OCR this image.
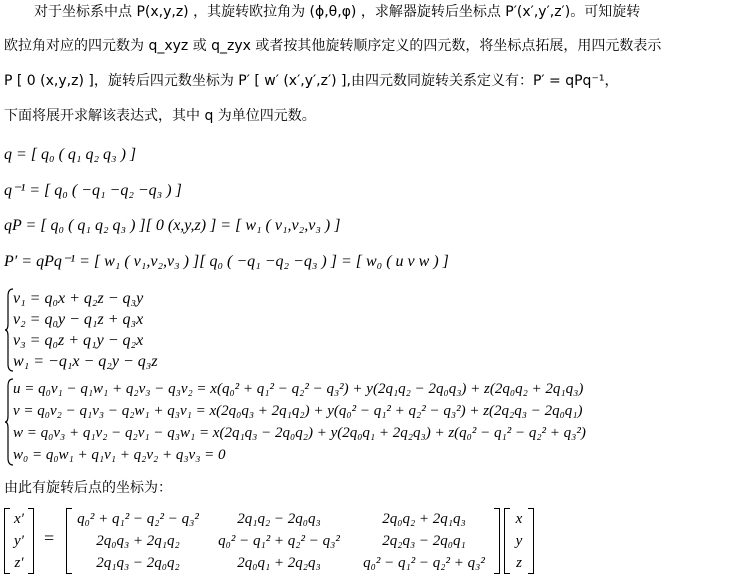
对于坐标系中点 P(x,y,z) ，其旋转欧拉角为 (ϕ,θ,φ) ，求解器旋转后坐标点 P′(x′,y′,z′)。可知旋转
欧拉角对应的四元数为 q_xyz 或 q_zyx 或者按其他旋转顺序定义的四元数，将坐标点拓展，用四元数表示
P [ 0 (x,y,z) ]，旋转后四元数坐标为 P′ [ w′ (x′,y′,z′) ],由四元数同旋转关系定义有：P′ = qPq⁻¹，
下面将展开求解该表达式，其中 q 为单位四元数。
q = [ q₀ ( q₁ q₂ q₃ ) ]
q⁻¹ = [ q₀ ( −q₁ −q₂ −q₃ ) ]
qP = [ q₀ ( q₁ q₂ q₃ ) ][ 0 (x,y,z) ] = [ w₁ ( v₁,v₂,v₃ ) ]
P′ = qPq⁻¹ = [ w₁ ( v₁,v₂,v₃ ) ][ q₀ ( −q₁ −q₂ −q₃ ) ] = [ w₀ ( u v w ) ]
v₁ = q₀x + q₂z − q₃y
v₂ = q₀y − q₁z + q₃x
v₃ = q₀z + q₁y − q₂x
w₁ = −q₁x − q₂y − q₃z
u = q₀v₁ − q₁w₁ + q₂v₃ − q₃v₂ = x(q₀² + q₁² − q₂² − q₃²) + y(2q₁q₂ − 2q₀q₃) + z(2q₀q₂ + 2q₁q₃)
v = q₀v₂ − q₁v₃ − q₂w₁ + q₃v₁ = x(2q₀q₃ + 2q₁q₂) + y(q₀² − q₁² + q₂² − q₃²) + z(2q₂q₃ − 2q₀q₁)
w = q₀v₃ + q₁v₂ − q₂v₁ − q₃w₁ = x(2q₁q₃ − 2q₀q₂) + y(2q₀q₁ + 2q₂q₃) + z(q₀² − q₁² − q₂² + q₃²)
w₀ = q₀w₁ + q₁v₁ + q₂v₂ + q₃v₃ = 0
由此有旋转后点的坐标为：
x′
y′
z′
=
q₀² + q₁² − q₂² − q₃²	2q₁q₂ − 2q₀q₃	2q₀q₂ + 2q₁q₃
2q₀q₃ + 2q₁q₂	q₀² − q₁² + q₂² − q₃²	2q₂q₃ − 2q₀q₁
2q₁q₃ − 2q₀q₂	2q₀q₁ + 2q₂q₃	q₀² − q₁² − q₂² + q₃²
x
y
z
